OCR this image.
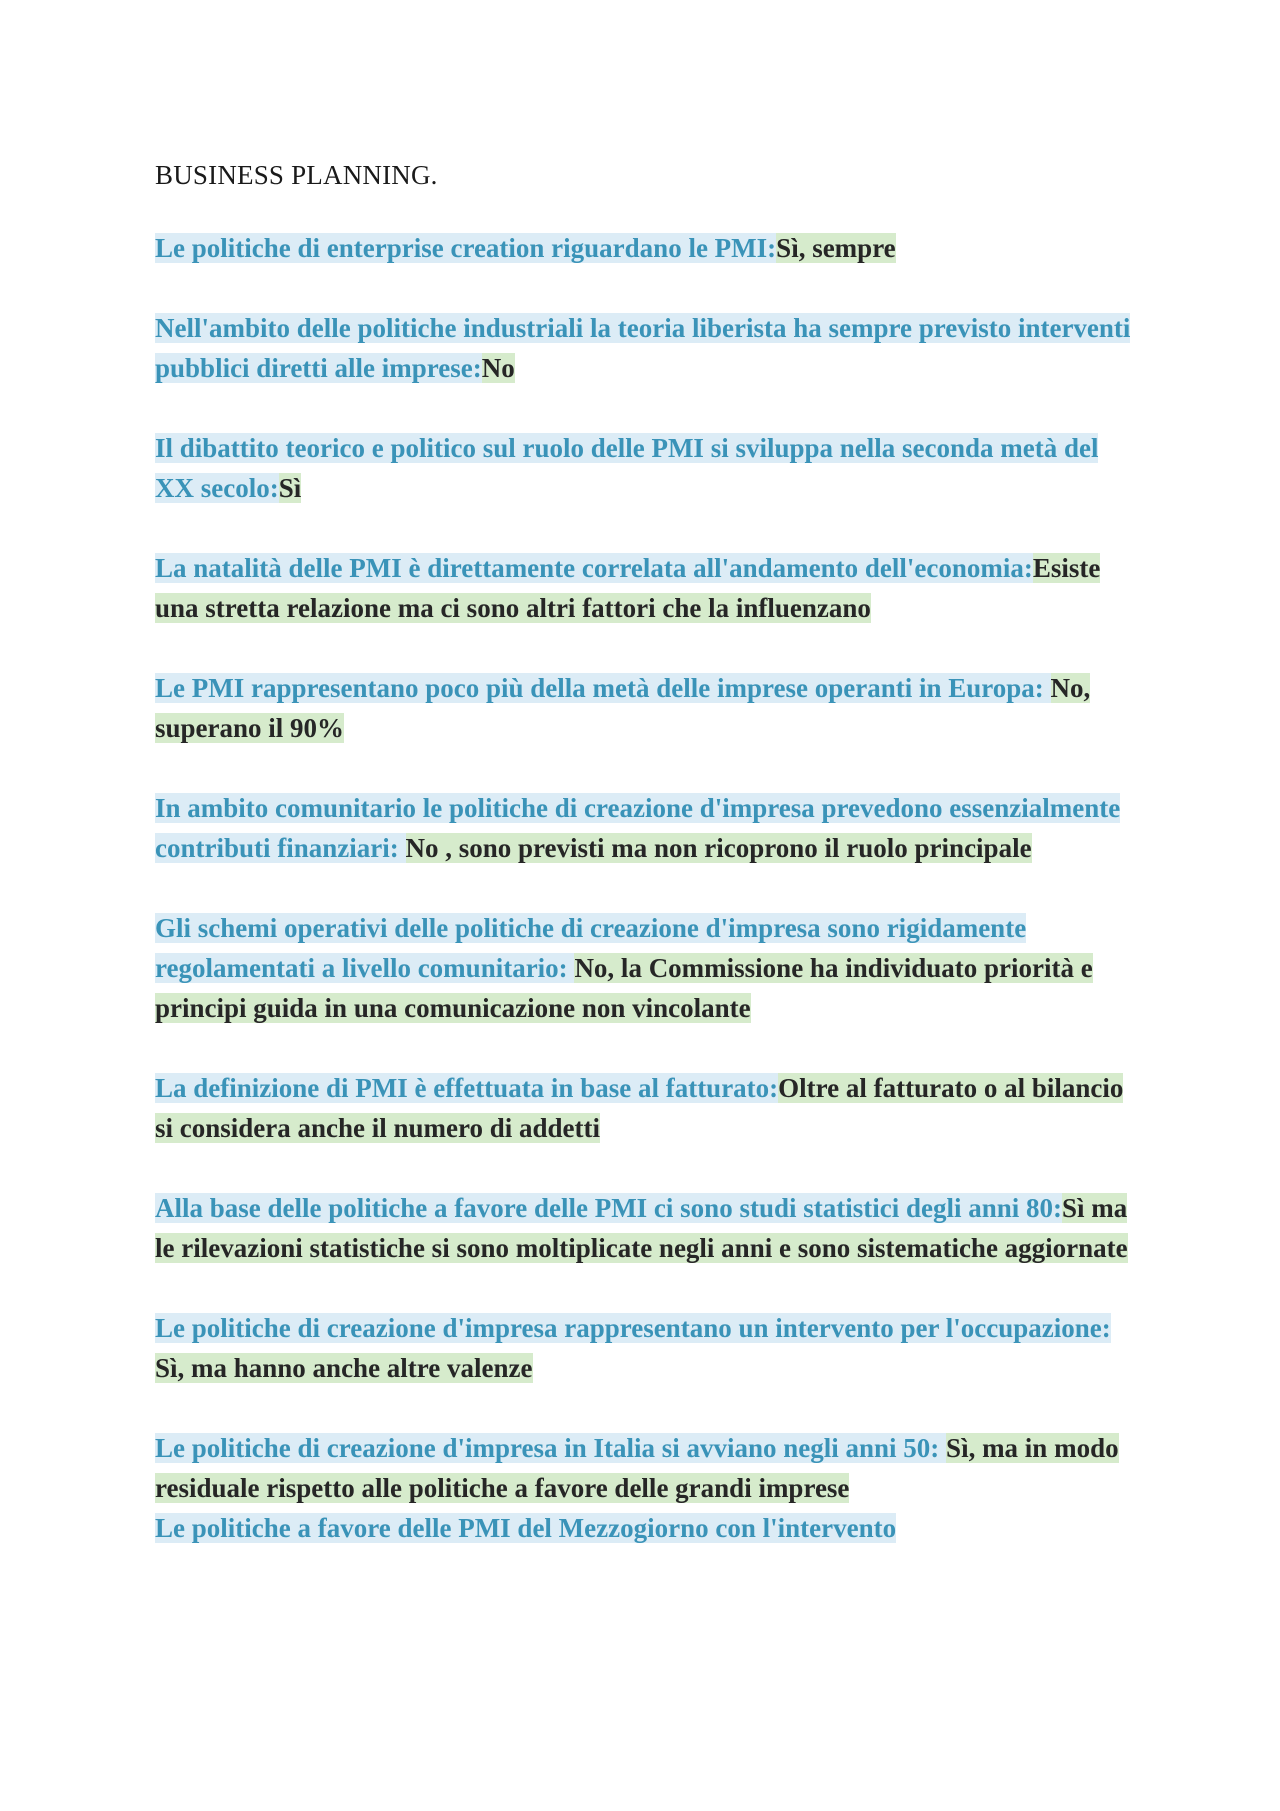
BUSINESS PLANNING.

Le politiche di enterprise creation riguardano le PMI:Sì, sempre

Nell'ambito delle politiche industriali la teoria liberista ha sempre previsto interventi pubblici diretti alle imprese:No

Il dibattito teorico e politico sul ruolo delle PMI si sviluppa nella seconda metà del XX secolo:Sì

La natalità delle PMI è direttamente correlata all'andamento dell'economia:Esiste una stretta relazione ma ci sono altri fattori che la influenzano

Le PMI rappresentano poco più della metà delle imprese operanti in Europa: No, superano il 90%

In ambito comunitario le politiche di creazione d'impresa prevedono essenzialmente contributi finanziari: No , sono previsti ma non ricoprono il ruolo principale

Gli schemi operativi delle politiche di creazione d'impresa sono rigidamente regolamentati a livello comunitario: No, la Commissione ha individuato priorità e principi guida in una comunicazione non vincolante

La definizione di PMI è effettuata in base al fatturato:Oltre al fatturato o al bilancio si considera anche il numero di addetti

Alla base delle politiche a favore delle PMI ci sono studi statistici degli anni 80:Sì ma le rilevazioni statistiche si sono moltiplicate negli anni e sono sistematiche aggiornate

Le politiche di creazione d'impresa rappresentano un intervento per l'occupazione: Sì, ma hanno anche altre valenze

Le politiche di creazione d'impresa in Italia si avviano negli anni 50: Sì, ma in modo residuale rispetto alle politiche a favore delle grandi imprese

Le politiche a favore delle PMI del Mezzogiorno con l'intervento
